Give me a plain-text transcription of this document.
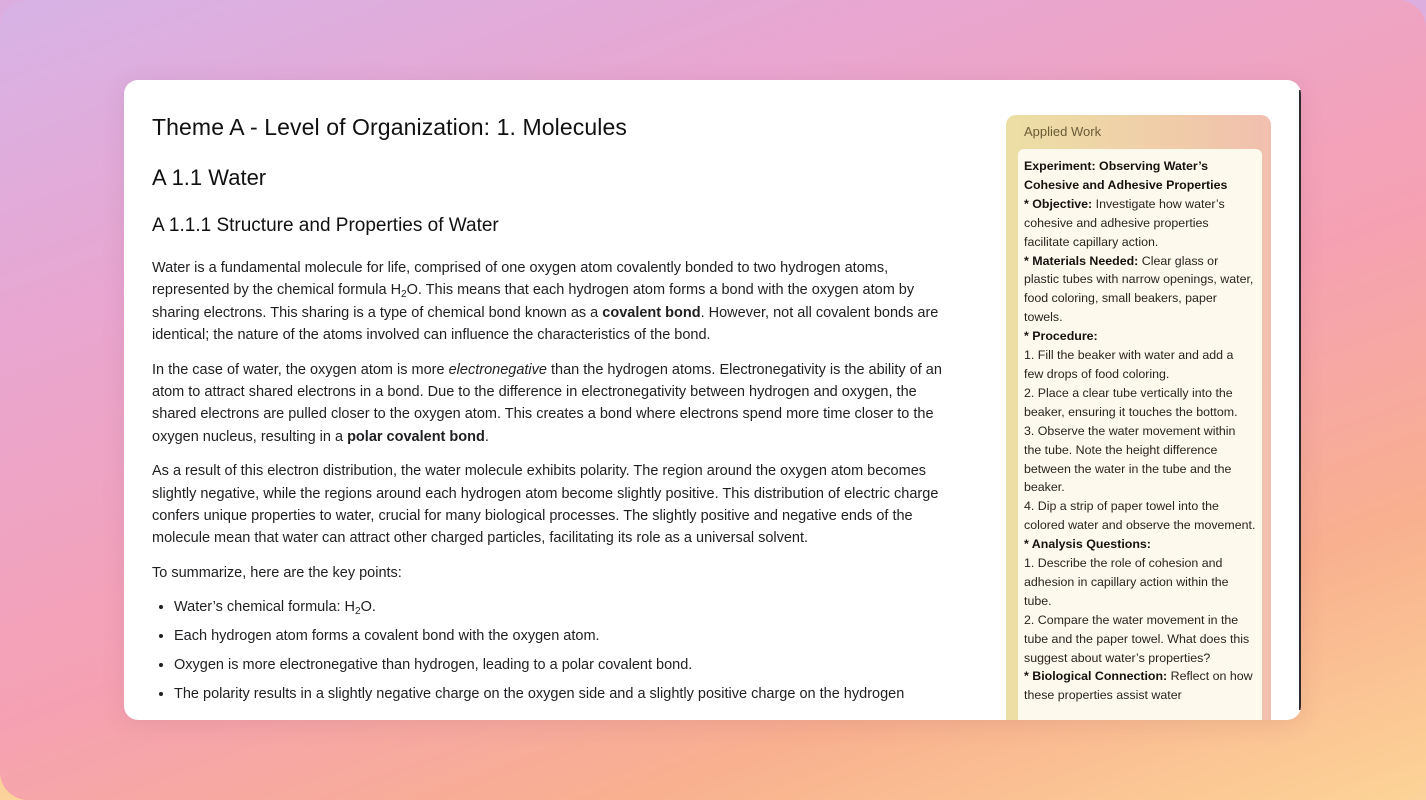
Theme A - Level of Organization: 1. Molecules
A 1.1 Water
A 1.1.1 Structure and Properties of Water

Water is a fundamental molecule for life, comprised of one oxygen atom covalently bonded to two hydrogen atoms, represented by the chemical formula $H_2O$. This means that each hydrogen atom forms a bond with the oxygen atom by sharing electrons. This sharing is a type of chemical bond known as a covalent bond. However, not all covalent bonds are identical; the nature of the atoms involved can influence the characteristics of the bond.

In the case of water, the oxygen atom is more electronegative than the hydrogen atoms. Electronegativity is the ability of an atom to attract shared electrons in a bond. Due to the difference in electronegativity between hydrogen and oxygen, the shared electrons are pulled closer to the oxygen atom. This creates a bond where electrons spend more time closer to the oxygen nucleus, resulting in a polar covalent bond.

As a result of this electron distribution, the water molecule exhibits polarity. The region around the oxygen atom becomes slightly negative, while the regions around each hydrogen atom become slightly positive. This distribution of electric charge confers unique properties to water, crucial for many biological processes. The slightly positive and negative ends of the molecule mean that water can attract other charged particles, facilitating its role as a universal solvent.

To summarize, here are the key points:

• Water’s chemical formula: $H_2O$.
• Each hydrogen atom forms a covalent bond with the oxygen atom.
• Oxygen is more electronegative than hydrogen, leading to a polar covalent bond.
• The polarity results in a slightly negative charge on the oxygen side and a slightly positive charge on the hydrogen
Applied Work
Experiment: Observing Water’s Cohesive and Adhesive Properties
* Objective: Investigate how water’s cohesive and adhesive properties facilitate capillary action.
* Materials Needed: Clear glass or plastic tubes with narrow openings, water, food coloring, small beakers, paper towels.
* Procedure:
1. Fill the beaker with water and add a few drops of food coloring.
2. Place a clear tube vertically into the beaker, ensuring it touches the bottom.
3. Observe the water movement within the tube. Note the height difference between the water in the tube and the beaker.
4. Dip a strip of paper towel into the colored water and observe the movement.
* Analysis Questions:
1. Describe the role of cohesion and adhesion in capillary action within the tube.
2. Compare the water movement in the tube and the paper towel. What does this suggest about water’s properties?
* Biological Connection: Reflect on how these properties assist water
